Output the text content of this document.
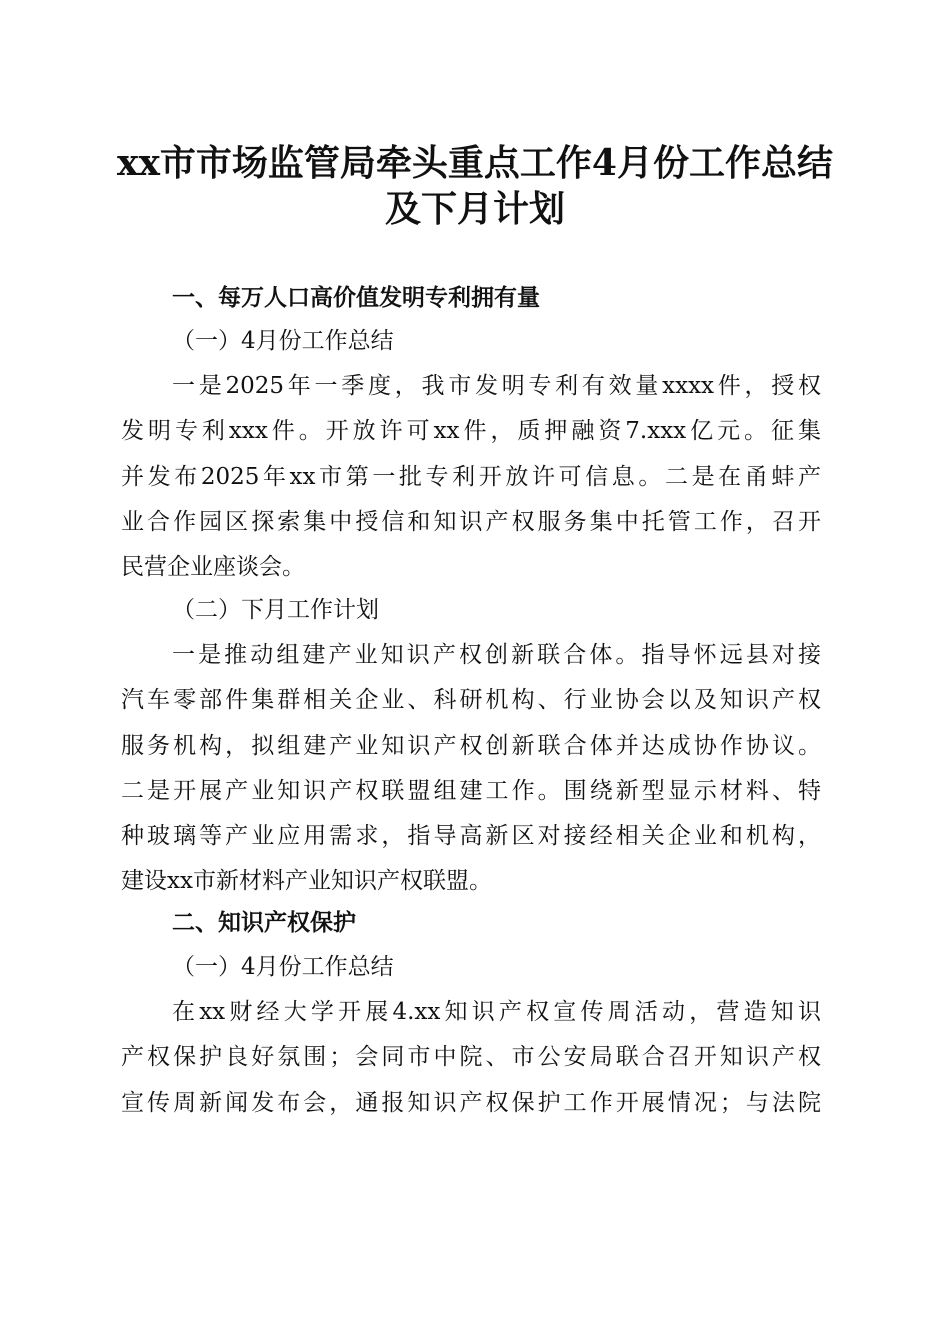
xx市市场监管局牵头重点工作4月份工作总结
及下月计划
一、每万人口高价值发明专利拥有量
（一）4月份工作总结
一是2025年一季度，我市发明专利有效量xxxx件，授权
发明专利xxx件。开放许可xx件，质押融资7.xxx亿元。征集
并发布2025年xx市第一批专利开放许可信息。二是在甬蚌产
业合作园区探索集中授信和知识产权服务集中托管工作，召开
民营企业座谈会。
（二）下月工作计划
一是推动组建产业知识产权创新联合体。指导怀远县对接
汽车零部件集群相关企业、科研机构、行业协会以及知识产权
服务机构，拟组建产业知识产权创新联合体并达成协作协议。
二是开展产业知识产权联盟组建工作。围绕新型显示材料、特
种玻璃等产业应用需求，指导高新区对接经相关企业和机构，
建设xx市新材料产业知识产权联盟。
二、知识产权保护
（一）4月份工作总结
在xx财经大学开展4.xx知识产权宣传周活动，营造知识
产权保护良好氛围；会同市中院、市公安局联合召开知识产权
宣传周新闻发布会，通报知识产权保护工作开展情况；与法院
